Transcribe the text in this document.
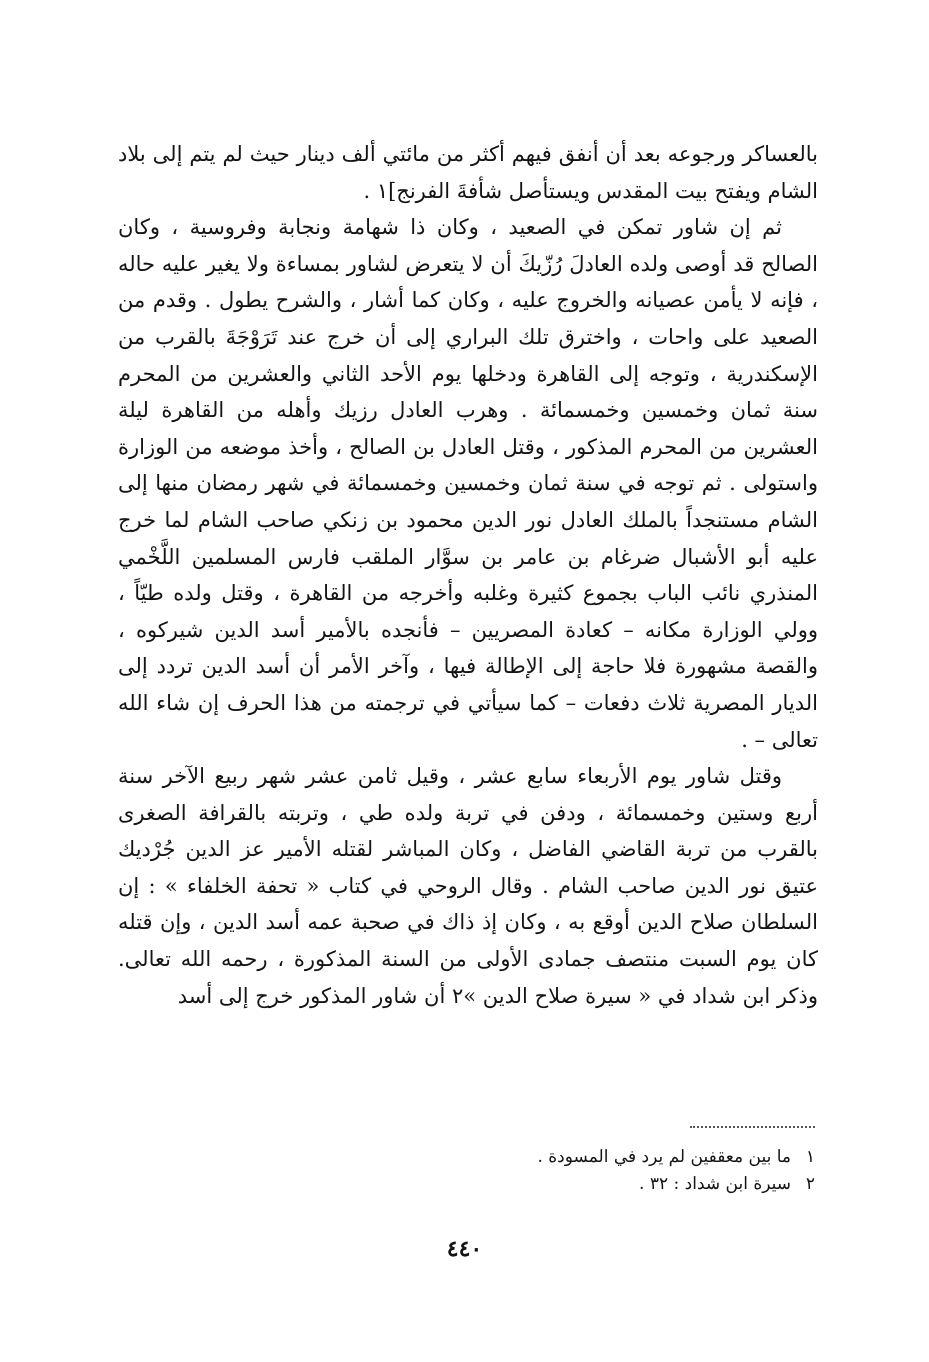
بالعساكر ورجوعه بعد أن أنفق فيهم أكثر من مائتي ألف دينار حيث لم يتم إلى بلاد الشام ويفتح بيت المقدس ويستأصل شأفةَ الفرنج]١ .

ثم إن شاور تمكن في الصعيد ، وكان ذا شهامة ونجابة وفروسية ، وكان الصالح قد أوصى ولده العادلَ رُزّيكَ أن لا يتعرض لشاور بمساءة ولا يغير عليه حاله ، فإنه لا يأمن عصيانه والخروج عليه ، وكان كما أشار ، والشرح يطول . وقدم من الصعيد على واحات ، واخترق تلك البراري إلى أن خرج عند تَرَوْجَةَ بالقرب من الإسكندرية ، وتوجه إلى القاهرة ودخلها يوم الأحد الثاني والعشرين من المحرم سنة ثمان وخمسين وخمسمائة . وهرب العادل رزيك وأهله من القاهرة ليلة العشرين من المحرم المذكور ، وقتل العادل بن الصالح ، وأخذ موضعه من الوزارة واستولى . ثم توجه في سنة ثمان وخمسين وخمسمائة في شهر رمضان منها إلى الشام مستنجداً بالملك العادل نور الدين محمود بن زنكي صاحب الشام لما خرج عليه أبو الأشبال ضرغام بن عامر بن سوَّار الملقب فارس المسلمين اللَّخْمي المنذري نائب الباب بجموع كثيرة وغلبه وأخرجه من القاهرة ، وقتل ولده طيّاً ، وولي الوزارة مكانه – كعادة المصريين – فأنجده بالأمير أسد الدين شيركوه ، والقصة مشهورة فلا حاجة إلى الإطالة فيها ، وآخر الأمر أن أسد الدين تردد إلى الديار المصرية ثلاث دفعات – كما سيأتي في ترجمته من هذا الحرف إن شاء الله تعالى – .

وقتل شاور يوم الأربعاء سابع عشر ، وقيل ثامن عشر شهر ربيع الآخر سنة أربع وستين وخمسمائة ، ودفن في تربة ولده طي ، وتربته بالقرافة الصغرى بالقرب من تربة القاضي الفاضل ، وكان المباشر لقتله الأمير عز الدين جُرْديك عتيق نور الدين صاحب الشام . وقال الروحي في كتاب « تحفة الخلفاء » : إن السلطان صلاح الدين أوقع به ، وكان إذ ذاك في صحبة عمه أسد الدين ، وإن قتله كان يوم السبت منتصف جمادى الأولى من السنة المذكورة ، رحمه الله تعالى. وذكر ابن شداد في « سيرة صلاح الدين »٢ أن شاور المذكور خرج إلى أسد

١
ما بين معقفين لم يرد في المسودة .
٢
سيرة ابن شداد : ٣٢ .
٤٤٠
